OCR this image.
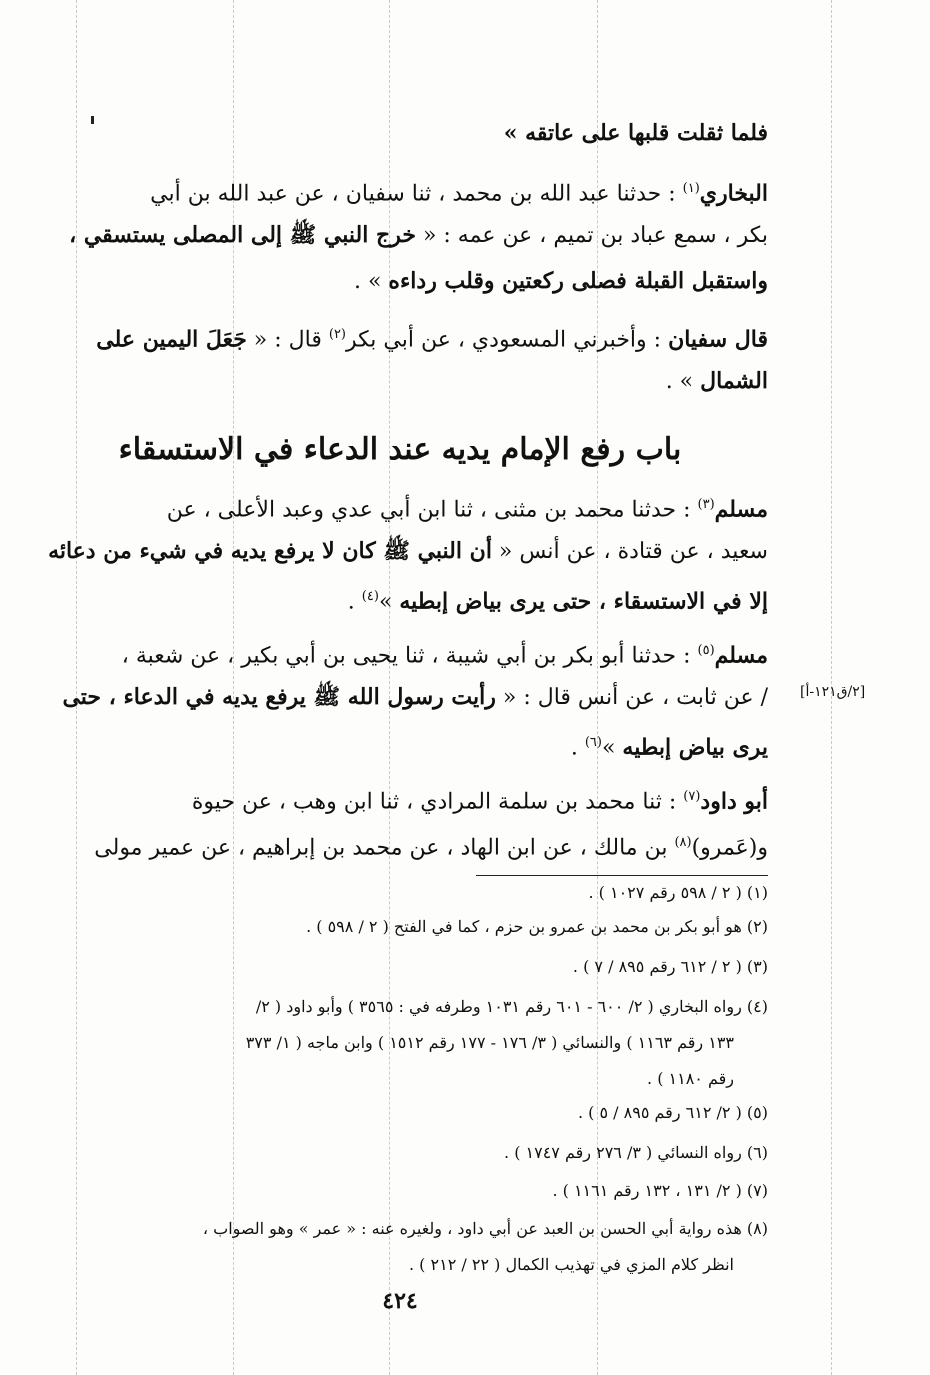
فلما ثقلت قلبها على عاتقه »
البخاري$^{(١)}$ : حدثنا عبد الله بن محمد ، ثنا سفيان ، عن عبد الله بن أبي
بكر ، سمع عباد بن تميم ، عن عمه : « خرج النبي ﷺ إلى المصلى يستسقي ،
واستقبل القبلة فصلى ركعتين وقلب رداءه » .
قال سفيان : وأخبرني المسعودي ، عن أبي بكر$^{(٢)}$ قال : « جَعَلَ اليمين على
الشمال » .
مسلم$^{(٣)}$ : حدثنا محمد بن مثنى ، ثنا ابن أبي عدي وعبد الأعلى ، عن
سعيد ، عن قتادة ، عن أنس « أن النبي ﷺ كان لا يرفع يديه في شيء من دعائه
إلا في الاستسقاء ، حتى يرى بياض إبطيه »$^{(٤)}$ .
مسلم$^{(٥)}$ : حدثنا أبو بكر بن أبي شيبة ، ثنا يحيى بن أبي بكير ، عن شعبة ،
/ عن ثابت ، عن أنس قال : « رأيت رسول الله ﷺ يرفع يديه في الدعاء ، حتى
يرى بياض إبطيه »$^{(٦)}$ .
أبو داود$^{(٧)}$ : ثنا محمد بن سلمة المرادي ، ثنا ابن وهب ، عن حيوة
و(عَمرو)$^{(٨)}$ بن مالك ، عن ابن الهاد ، عن محمد بن إبراهيم ، عن عمير مولى
باب رفع الإمام يديه عند الدعاء في الاستسقاء
[٢/ق١٢١-أ]
(١) ( ٢ / ٥٩٨ رقم ١٠٢٧ ) .
(٢) هو أبو بكر بن محمد بن عمرو بن حزم ، كما في الفتح ( ٢ / ٥٩٨ ) .
(٣) ( ٢ / ٦١٢ رقم ٨٩٥ / ٧ ) .
(٤) رواه البخاري ( ٢/ ٦٠٠ - ٦٠١ رقم ١٠٣١ وطرفه في : ٣٥٦٥ ) وأبو داود ( ٢/
١٣٣ رقم ١١٦٣ ) والنسائي ( ٣/ ١٧٦ - ١٧٧ رقم ١٥١٢ ) وابن ماجه ( ١/ ٣٧٣
رقم ١١٨٠ ) .
(٥) ( ٢/ ٦١٢ رقم ٨٩٥ / ٥ ) .
(٦) رواه النسائي ( ٣/ ٢٧٦ رقم ١٧٤٧ ) .
(٧) ( ٢/ ١٣١ ، ١٣٢ رقم ١١٦١ ) .
(٨) هذه رواية أبي الحسن بن العبد عن أبي داود ، ولغيره عنه : « عمر » وهو الصواب ،
انظر كلام المزي في تهذيب الكمال ( ٢٢ / ٢١٢ ) .
٤٢٤
